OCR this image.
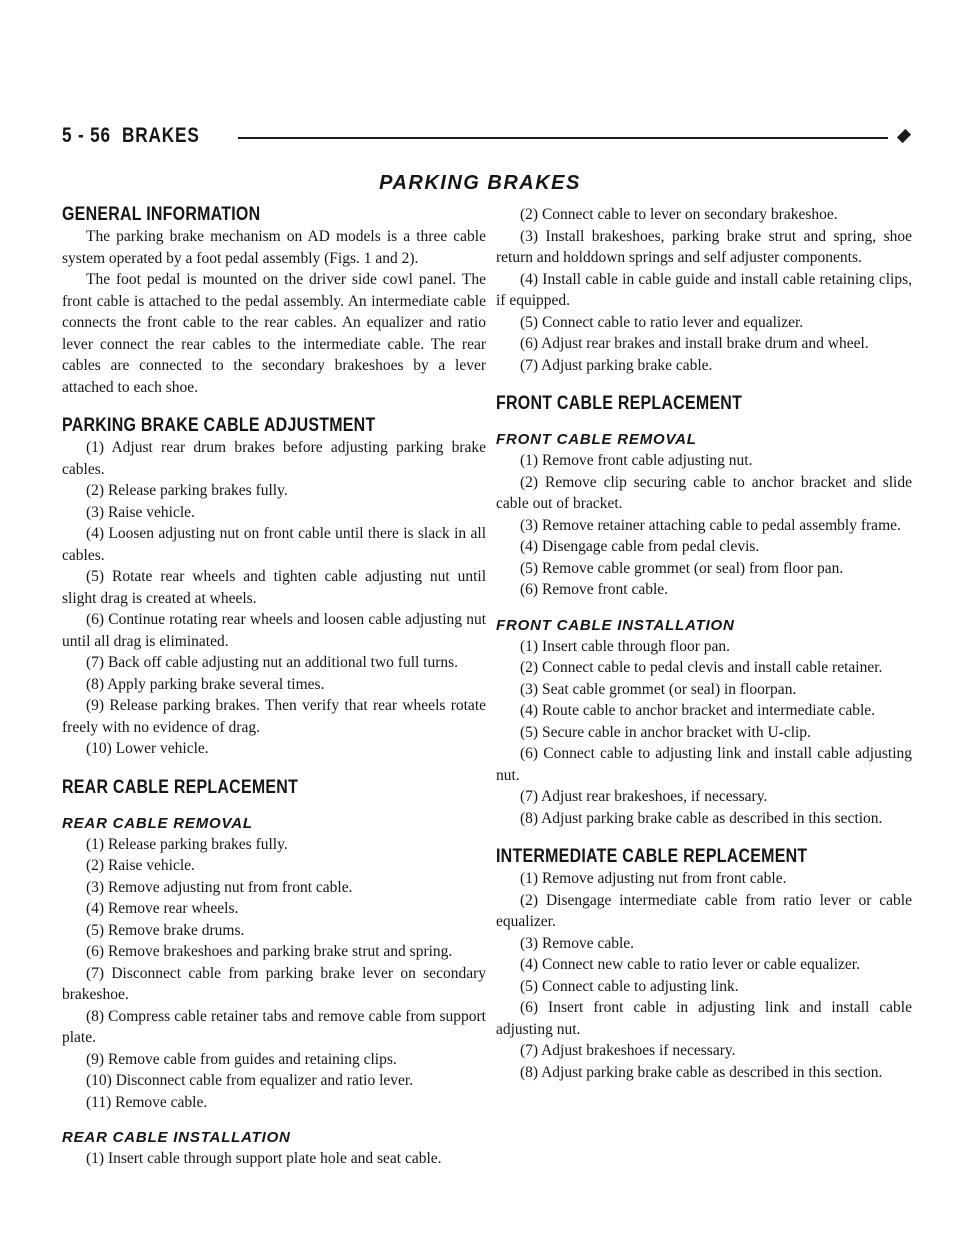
5 - 56 BRAKES
PARKING BRAKES
GENERAL INFORMATION

The parking brake mechanism on AD models is a three cable system operated by a foot pedal assembly (Figs. 1 and 2).

The foot pedal is mounted on the driver side cowl panel. The front cable is attached to the pedal assembly. An intermediate cable connects the front cable to the rear cables. An equalizer and ratio lever connect the rear cables to the intermediate cable. The rear cables are connected to the secondary brakeshoes by a lever attached to each shoe.

PARKING BRAKE CABLE ADJUSTMENT

(1) Adjust rear drum brakes before adjusting parking brake cables.

(2) Release parking brakes fully.

(3) Raise vehicle.

(4) Loosen adjusting nut on front cable until there is slack in all cables.

(5) Rotate rear wheels and tighten cable adjusting nut until slight drag is created at wheels.

(6) Continue rotating rear wheels and loosen cable adjusting nut until all drag is eliminated.

(7) Back off cable adjusting nut an additional two full turns.

(8) Apply parking brake several times.

(9) Release parking brakes. Then verify that rear wheels rotate freely with no evidence of drag.

(10) Lower vehicle.

REAR CABLE REPLACEMENT
REAR CABLE REMOVAL

(1) Release parking brakes fully.

(2) Raise vehicle.

(3) Remove adjusting nut from front cable.

(4) Remove rear wheels.

(5) Remove brake drums.

(6) Remove brakeshoes and parking brake strut and spring.

(7) Disconnect cable from parking brake lever on secondary brakeshoe.

(8) Compress cable retainer tabs and remove cable from support plate.

(9) Remove cable from guides and retaining clips.

(10) Disconnect cable from equalizer and ratio lever.

(11) Remove cable.

REAR CABLE INSTALLATION

(1) Insert cable through support plate hole and seat cable.

(2) Connect cable to lever on secondary brakeshoe.

(3) Install brakeshoes, parking brake strut and spring, shoe return and holddown springs and self adjuster components.

(4) Install cable in cable guide and install cable retaining clips, if equipped.

(5) Connect cable to ratio lever and equalizer.

(6) Adjust rear brakes and install brake drum and wheel.

(7) Adjust parking brake cable.

FRONT CABLE REPLACEMENT
FRONT CABLE REMOVAL

(1) Remove front cable adjusting nut.

(2) Remove clip securing cable to anchor bracket and slide cable out of bracket.

(3) Remove retainer attaching cable to pedal assembly frame.

(4) Disengage cable from pedal clevis.

(5) Remove cable grommet (or seal) from floor pan.

(6) Remove front cable.

FRONT CABLE INSTALLATION

(1) Insert cable through floor pan.

(2) Connect cable to pedal clevis and install cable retainer.

(3) Seat cable grommet (or seal) in floorpan.

(4) Route cable to anchor bracket and intermediate cable.

(5) Secure cable in anchor bracket with U-clip.

(6) Connect cable to adjusting link and install cable adjusting nut.

(7) Adjust rear brakeshoes, if necessary.

(8) Adjust parking brake cable as described in this section.

INTERMEDIATE CABLE REPLACEMENT

(1) Remove adjusting nut from front cable.

(2) Disengage intermediate cable from ratio lever or cable equalizer.

(3) Remove cable.

(4) Connect new cable to ratio lever or cable equalizer.

(5) Connect cable to adjusting link.

(6) Insert front cable in adjusting link and install cable adjusting nut.

(7) Adjust brakeshoes if necessary.

(8) Adjust parking brake cable as described in this section.
